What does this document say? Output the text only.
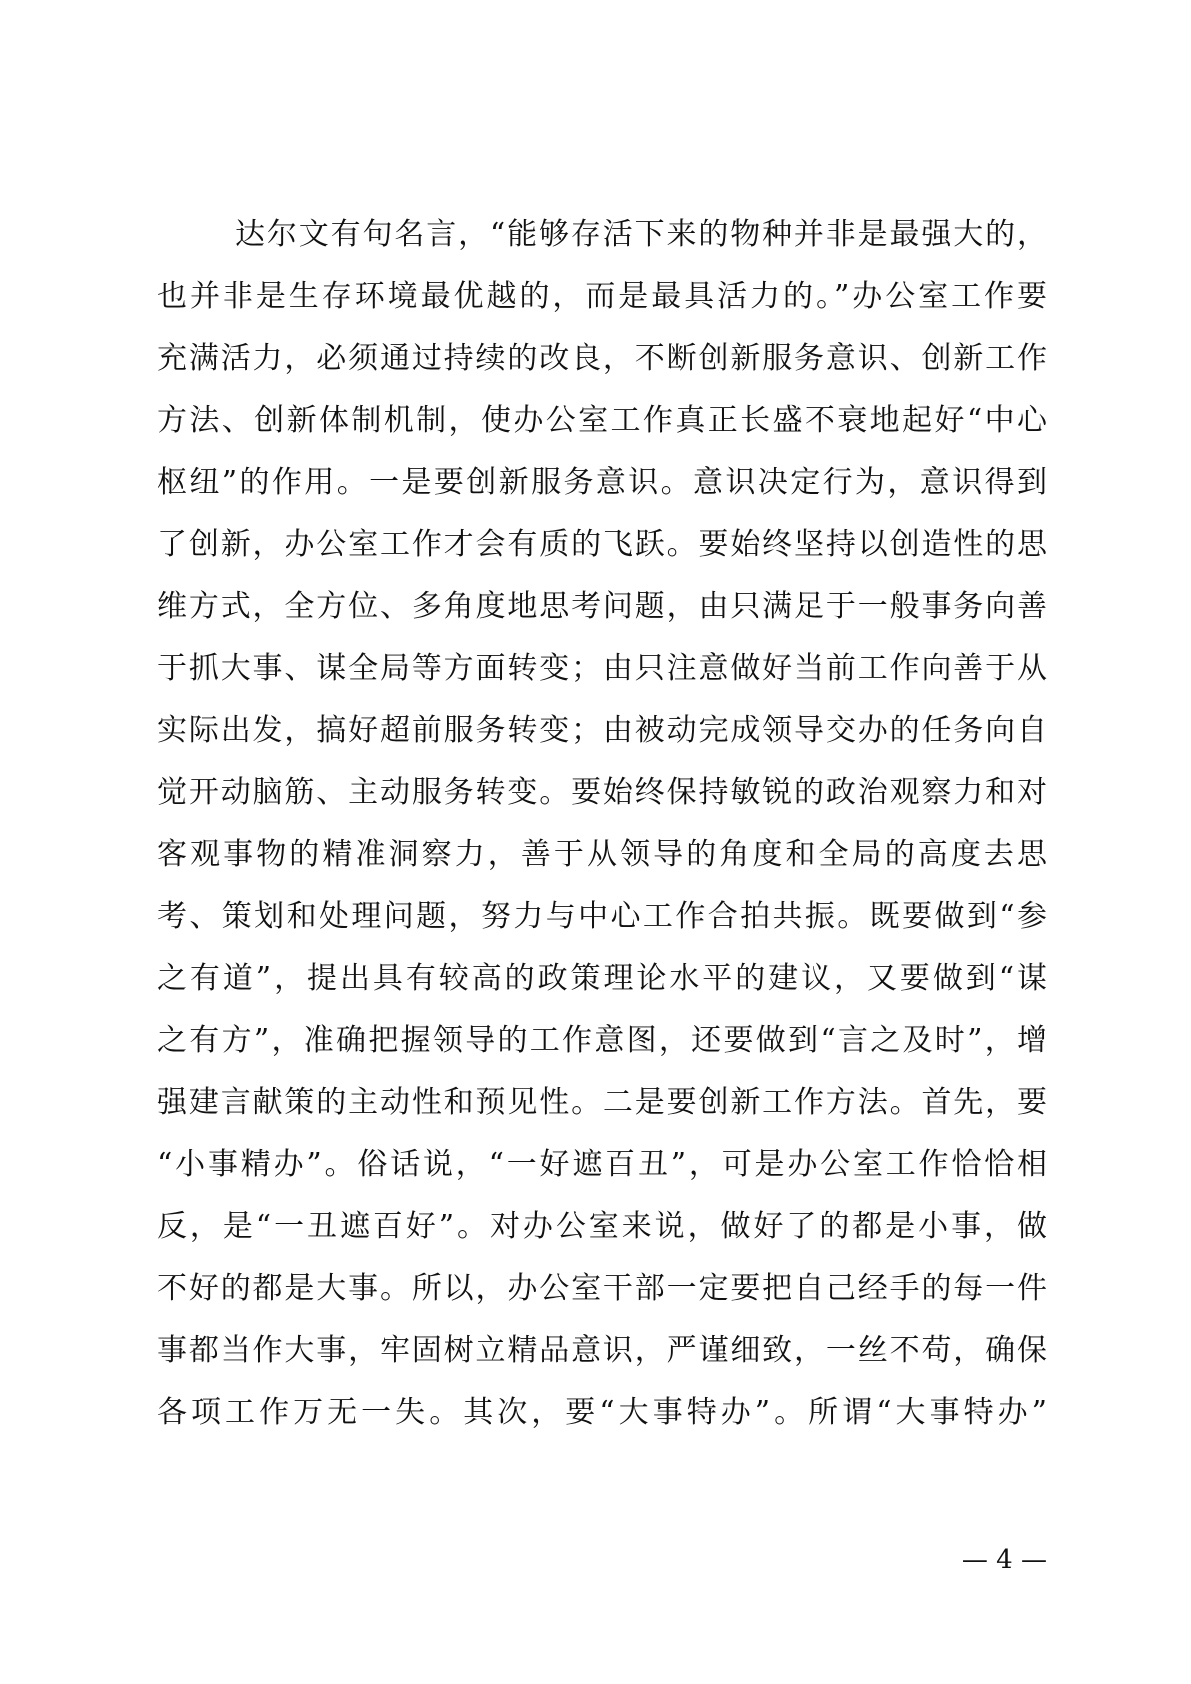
达尔文有句名言，“能够存活下来的物种并非是最强大的，
也并非是生存环境最优越的，而是最具活力的。”办公室工作要
充满活力，必须通过持续的改良，不断创新服务意识、创新工作
方法、创新体制机制，使办公室工作真正长盛不衰地起好“中心
枢纽”的作用。一是要创新服务意识。意识决定行为，意识得到
了创新，办公室工作才会有质的飞跃。要始终坚持以创造性的思
维方式，全方位、多角度地思考问题，由只满足于一般事务向善
于抓大事、谋全局等方面转变；由只注意做好当前工作向善于从
实际出发，搞好超前服务转变；由被动完成领导交办的任务向自
觉开动脑筋、主动服务转变。要始终保持敏锐的政治观察力和对
客观事物的精准洞察力，善于从领导的角度和全局的高度去思
考、策划和处理问题，努力与中心工作合拍共振。既要做到“参
之有道”，提出具有较高的政策理论水平的建议，又要做到“谋
之有方”，准确把握领导的工作意图，还要做到“言之及时”，增
强建言献策的主动性和预见性。二是要创新工作方法。首先，要
“小事精办”。俗话说，“一好遮百丑”，可是办公室工作恰恰相
反，是“一丑遮百好”。对办公室来说，做好了的都是小事，做
不好的都是大事。所以，办公室干部一定要把自己经手的每一件
事都当作大事，牢固树立精品意识，严谨细致，一丝不苟，确保
各项工作万无一失。其次，要“大事特办”。所谓“大事特办”
— 4 —
